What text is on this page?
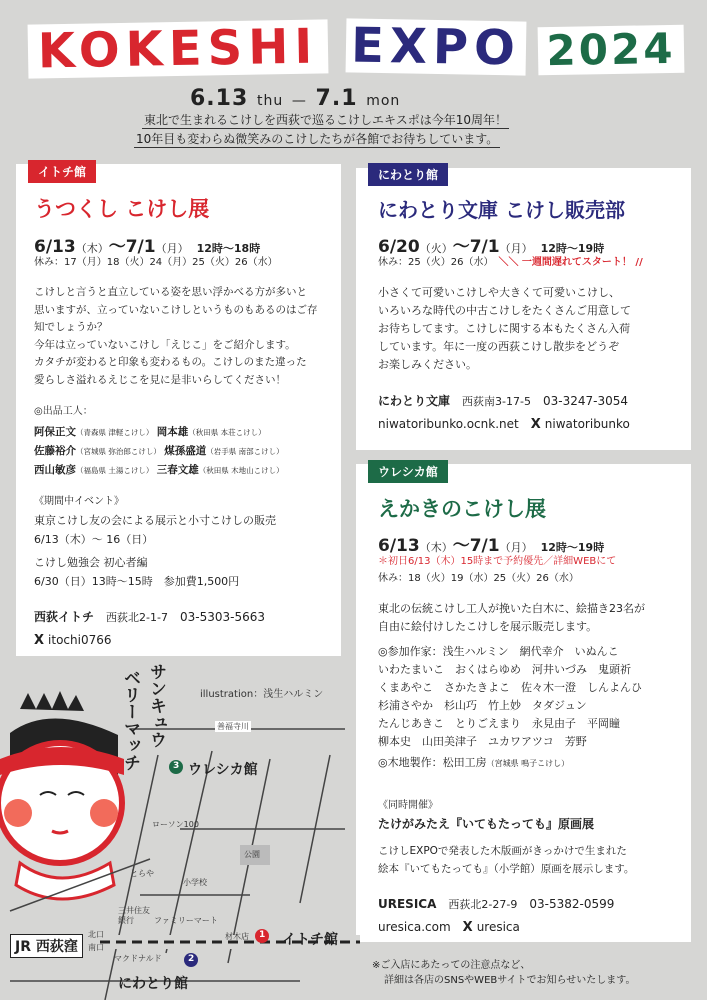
KOKESHI EXPO 2024
6.13 thu — 7.1 mon
東北で生まれるこけしを西荻で巡るこけしエキスポは今年10周年！
10年目も変わらぬ微笑みのこけしたちが各館でお待ちしています。
イトチ館
うつくし こけし展
6/13（木）～7/1（月） 12時～18時
休み：17（月）18（火）24（月）25（火）26（水）
こけしと言うと直立している姿を思い浮かべる方が多いと
思いますが、立っていないこけしというものもあるのはご存
知でしょうか？
今年は立っていないこけし「えじこ」をご紹介します。
カタチが変わると印象も変わるもの。こけしのまた違った
愛らしさ溢れるえじこを見に是非いらしてください！
◎出品工人：
阿保正文（青森県 津軽こけし） 岡本雄（秋田県 本荘こけし）
佐藤裕介（宮城県 弥治郎こけし） 煤孫盛道（岩手県 南部こけし）
西山敏彦（福島県 土湯こけし） 三春文雄（秋田県 木地山こけし）
《期間中イベント》
東京こけし友の会による展示と小寸こけしの販売
6/13（木）～ 16（日）
こけし勉強会 初心者編
6/30（日）13時～15時　参加費1,500円
西荻イトチ　 西荻北2-1-7　 03-5303-5663
X itochi0766
にわとり館
にわとり文庫 こけし販売部
6/20（火）～7/1（月） 12時～19時
休み：25（火）26（水）　 ＼＼ 一週間遅れてスタート！ //
小さくて可愛いこけしや大きくて可愛いこけし、
いろいろな時代の中古こけしをたくさんご用意して
お待ちしてます。こけしに関する本もたくさん入荷
しています。年に一度の西荻こけし散歩をどうぞ
お楽しみください。
にわとり文庫　 西荻南3-17-5　 03-3247-3054
niwatoribunko.ocnk.net　 X niwatoribunko
ウレシカ館
えかきのこけし展
6/13（木）～7/1（月） 12時～19時
＊初日6/13（木）15時まで予約優先／詳細WEBにて
休み：18（火）19（水）25（火）26（水）
東北の伝統こけし工人が挽いた白木に、絵描き23名が
自由に絵付けしたこけしを展示販売します。
◎参加作家：浅生ハルミン　網代幸介　いぬんこ
いわたまいこ　おくはらゆめ　河井いづみ　鬼頭祈
くまあやこ　さかたきよこ　佐々木一澄　しんよんひ
杉浦さやか　杉山巧　竹上妙　タダジュン
たんじあきこ　とりごえまり　永見由子　平岡瞳
柳本史　山田美津子　ユカワアツコ　芳野
◎木地製作：松田工房（宮城県 鳴子こけし）
《同時開催》
たけがみたえ『いてもたっても』原画展
こけしEXPOで発表した木版画がきっかけで生まれた
絵本『いてもたっても』（小学館）原画を展示します。
URESICA　 西荻北2-27-9　 03-5382-0599
uresica.com　 X uresica
illustration：浅生ハルミン
サンキュウ
ベリーマッチ	善福寺川
ローソン100
とらや
小学校
公園
三井住友銀行	ファミリーマート
材木店
マクドナルド
JR 西荻窪
北口
南口
1 イトチ館
2
にわとり館
3 ウレシカ館
※ご入店にあたっての注意点など、
詳細は各店のSNSやWEBサイトでお知らせいたします。
